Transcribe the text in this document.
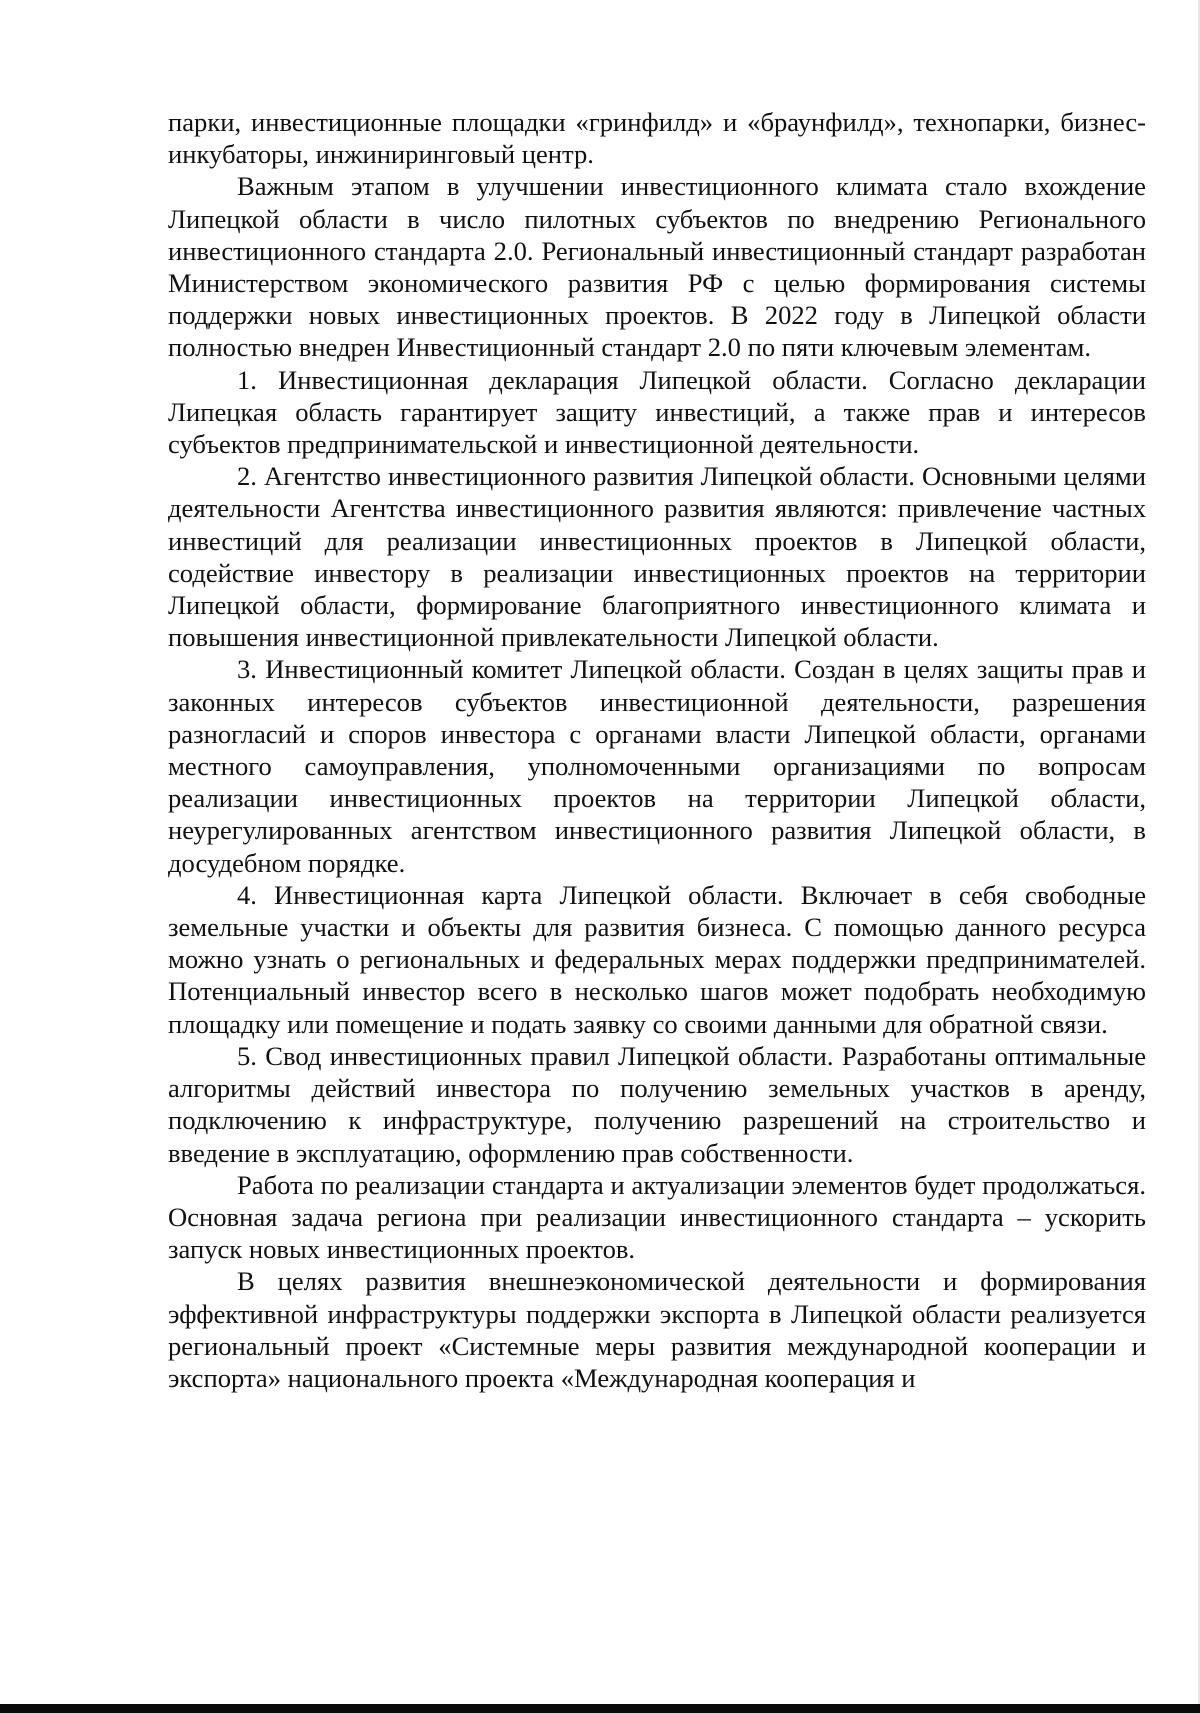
парки, инвестиционные площадки «гринфилд» и «браунфилд», технопарки, бизнес-инкубаторы, инжиниринговый центр.

Важным этапом в улучшении инвестиционного климата стало вхождение Липецкой области в число пилотных субъектов по внедрению Регионального инвестиционного стандарта 2.0. Региональный инвестиционный стандарт разработан Министерством экономического развития РФ с целью формирования системы поддержки новых инвестиционных проектов. В 2022 году в Липецкой области полностью внедрен Инвестиционный стандарт 2.0 по пяти ключевым элементам.

1. Инвестиционная декларация Липецкой области. Согласно декларации Липецкая область гарантирует защиту инвестиций, а также прав и интересов субъектов предпринимательской и инвестиционной деятельности.

2. Агентство инвестиционного развития Липецкой области. Основными целями деятельности Агентства инвестиционного развития являются: привлечение частных инвестиций для реализации инвестиционных проектов в Липецкой области, содействие инвестору в реализации инвестиционных проектов на территории Липецкой области, формирование благоприятного инвестиционного климата и повышения инвестиционной привлекательности Липецкой области.

3. Инвестиционный комитет Липецкой области. Создан в целях защиты прав и законных интересов субъектов инвестиционной деятельности, разрешения разногласий и споров инвестора с органами власти Липецкой области, органами местного самоуправления, уполномоченными организациями по вопросам реализации инвестиционных проектов на территории Липецкой области, неурегулированных агентством инвестиционного развития Липецкой области, в досудебном порядке.

4. Инвестиционная карта Липецкой области. Включает в себя свободные земельные участки и объекты для развития бизнеса. С помощью данного ресурса можно узнать о региональных и федеральных мерах поддержки предпринимателей. Потенциальный инвестор всего в несколько шагов может подобрать необходимую площадку или помещение и подать заявку со своими данными для обратной связи.

5. Свод инвестиционных правил Липецкой области. Разработаны оптимальные алгоритмы действий инвестора по получению земельных участков в аренду, подключению к инфраструктуре, получению разрешений на строительство и введение в эксплуатацию, оформлению прав собственности.

Работа по реализации стандарта и актуализации элементов будет продолжаться. Основная задача региона при реализации инвестиционного стандарта – ускорить запуск новых инвестиционных проектов.

В целях развития внешнеэкономической деятельности и формирования эффективной инфраструктуры поддержки экспорта в Липецкой области реализуется региональный проект «Системные меры развития международной кооперации и экспорта» национального проекта «Международная кооперация и
